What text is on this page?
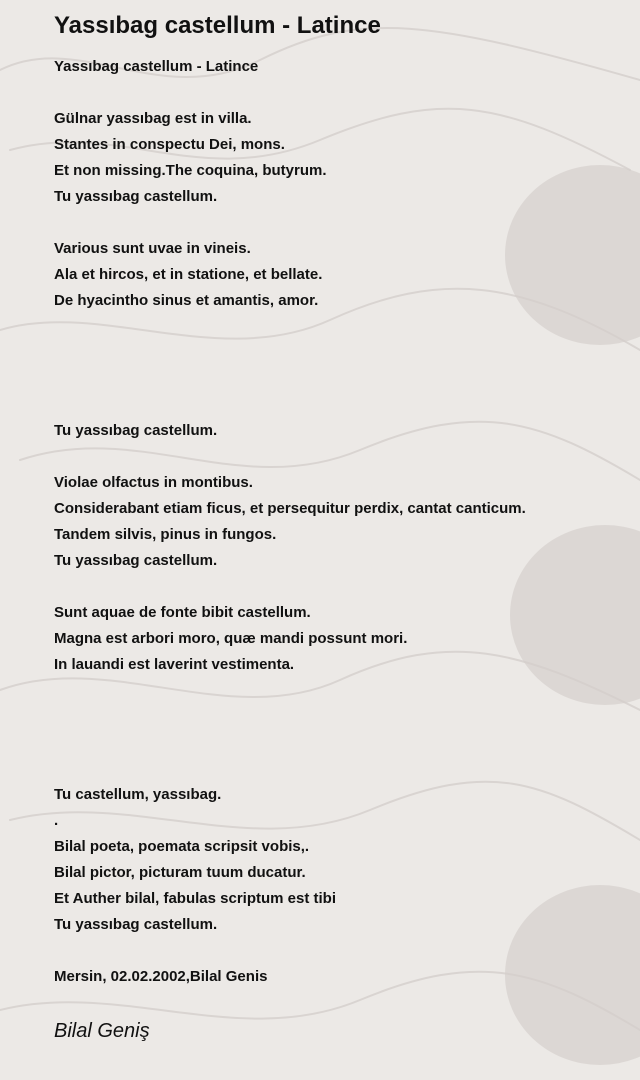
Yassıbag castellum - Latince
Yassıbag castellum - Latince
Gülnar yassıbag est in villa.
Stantes in conspectu Dei, mons.
Et non missing.The coquina, butyrum.
Tu yassıbag castellum.
Various sunt uvae in vineis.
Ala et hircos, et in statione, et bellate.
De hyacintho sinus et amantis, amor.
Tu yassıbag castellum.
Violae olfactus in montibus.
Considerabant etiam ficus, et persequitur perdix, cantat canticum.
Tandem silvis, pinus in fungos.
Tu yassıbag castellum.
Sunt aquae de fonte bibit castellum.
Magna est arbori moro, quæ mandi possunt mori.
In lauandi est laverint vestimenta.
Tu castellum, yassıbag.
.
Bilal poeta, poemata scripsit vobis,.
Bilal pictor, picturam tuum ducatur.
Et Auther bilal, fabulas scriptum est tibi
Tu yassıbag castellum.
Mersin, 02.02.2002,Bilal Genis
Bilal Geniş
